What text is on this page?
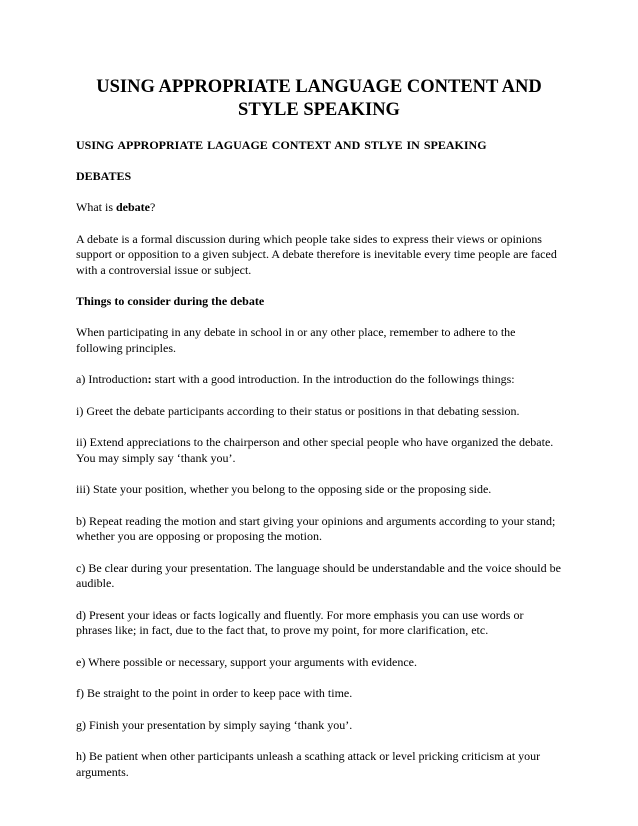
USING APPROPRIATE LANGUAGE CONTENT AND
STYLE SPEAKING
USING APPROPRIATE LAGUAGE CONTEXT AND STLYE IN SPEAKING
DEBATES

What is debate?

A debate is a formal discussion during which people take sides to express their views or opinions support or opposition to a given subject. A debate therefore is inevitable every time people are faced with a controversial issue or subject.

Things to consider during the debate

When participating in any debate in school in or any other place, remember to adhere to the following principles.

a) Introduction: start with a good introduction. In the introduction do the followings things:

i) Greet the debate participants according to their status or positions in that debating session.

ii) Extend appreciations to the chairperson and other special people who have organized the debate. You may simply say ‘thank you’.

iii) State your position, whether you belong to the opposing side or the proposing side.

b) Repeat reading the motion and start giving your opinions and arguments according to your stand; whether you are opposing or proposing the motion.

c) Be clear during your presentation. The language should be understandable and the voice should be audible.

d) Present your ideas or facts logically and fluently. For more emphasis you can use words or phrases like; in fact, due to the fact that, to prove my point, for more clarification, etc.

e) Where possible or necessary, support your arguments with evidence.

f) Be straight to the point in order to keep pace with time.

g) Finish your presentation by simply saying ‘thank you’.

h) Be patient when other participants unleash a scathing attack or level pricking criticism at your arguments.
